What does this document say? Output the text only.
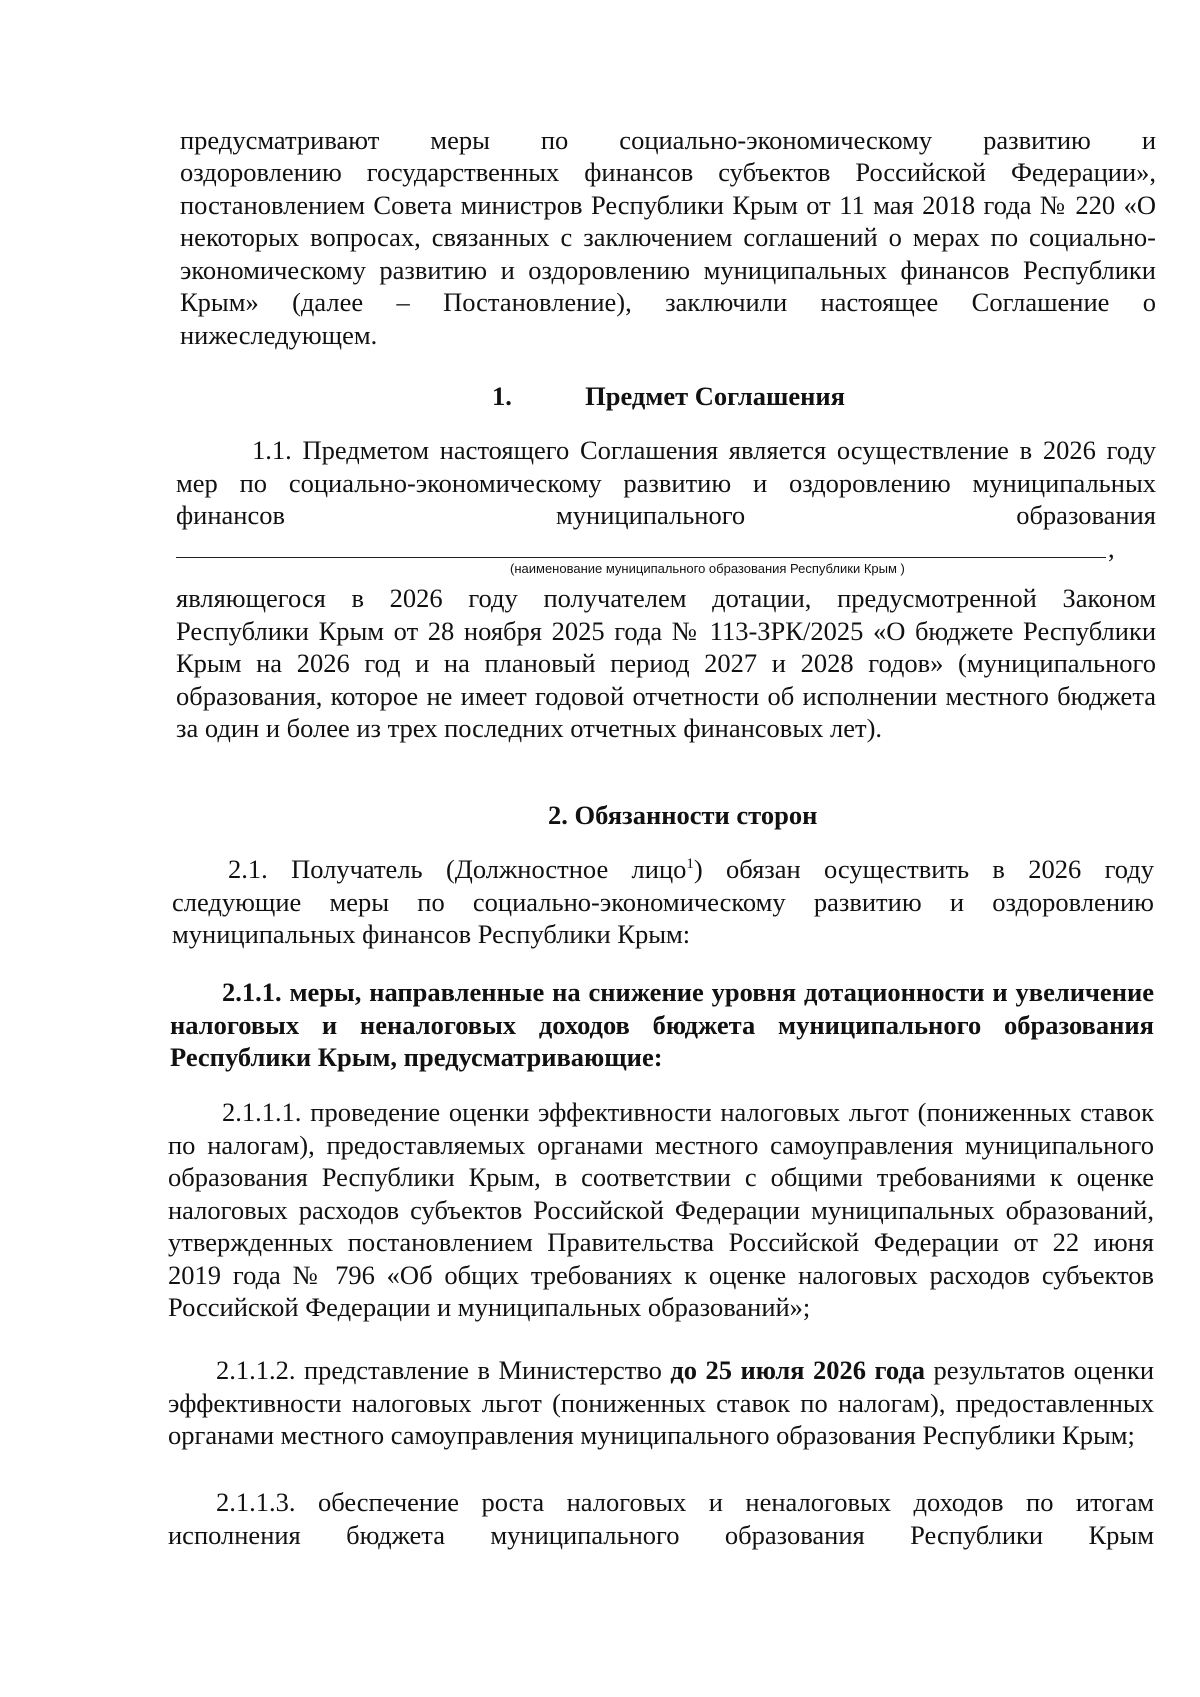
предусматривают меры по социально-экономическому развитию и

оздоровлению государственных финансов субъектов Российской Федерации», постановлением Совета министров Республики Крым от 11 мая 2018 года № 220 «О некоторых вопросах, связанных с заключением соглашений о мерах по социально-экономическому развитию и оздоровлению муниципальных финансов Республики Крым» (далее – Постановление), заключили настоящее Соглашение о нижеследующем.

1.	Предмет Соглашения

1.1. Предметом настоящего Соглашения является осуществление в 2026 году мер по социально-экономическому развитию и оздоровлению муниципальных финансов муниципального образования

,

(наименование муниципального образования Республики Крым )

являющегося в 2026 году получателем дотации, предусмотренной Законом Республики Крым от 28 ноября 2025 года № 113-ЗРК/2025 «О бюджете Республики Крым на 2026 год и на плановый период 2027 и 2028 годов» (муниципального образования, которое не имеет годовой отчетности об исполнении местного бюджета за один и более из трех последних отчетных финансовых лет).

2. Обязанности сторон

2.1. Получатель (Должностное лицо$^1$) обязан осуществить в 2026 году следующие меры по социально-экономическому развитию и оздоровлению муниципальных финансов Республики Крым:

2.1.1. меры, направленные на снижение уровня дотационности и увеличение налоговых и неналоговых доходов бюджета муниципального образования Республики Крым, предусматривающие:

2.1.1.1. проведение оценки эффективности налоговых льгот (пониженных ставок по налогам), предоставляемых органами местного самоуправления муниципального образования Республики Крым, в соответствии с общими требованиями к оценке налоговых расходов субъектов Российской Федерации муниципальных образований, утвержденных постановлением Правительства Российской Федерации от 22 июня 2019 года № 796 «Об общих требованиях к оценке налоговых расходов субъектов Российской Федерации и муниципальных образований»;

2.1.1.2. представление в Министерство до 25 июля 2026 года результатов оценки эффективности налоговых льгот (пониженных ставок по налогам), предоставленных органами местного самоуправления муниципального образования Республики Крым;

2.1.1.3. обеспечение роста налоговых и неналоговых доходов по итогам исполнения бюджета муниципального образования Республики Крым
